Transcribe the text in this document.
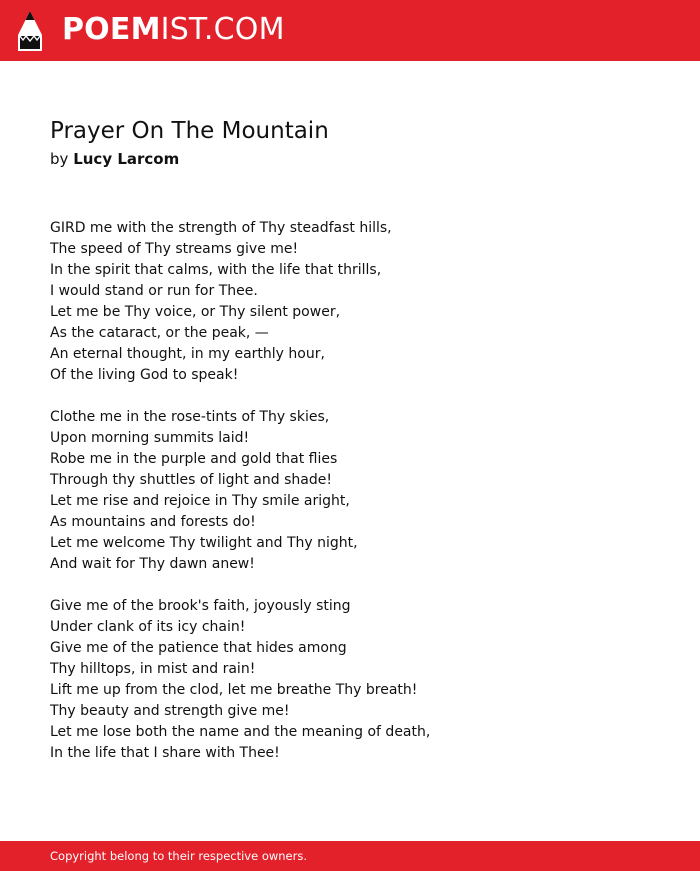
POEMIST.COM
Prayer On The Mountain
by Lucy Larcom
GIRD me with the strength of Thy steadfast hills,
The speed of Thy streams give me!
In the spirit that calms, with the life that thrills,
I would stand or run for Thee.
Let me be Thy voice, or Thy silent power,
As the cataract, or the peak, —
An eternal thought, in my earthly hour,
Of the living God to speak!
Clothe me in the rose-tints of Thy skies,
Upon morning summits laid!
Robe me in the purple and gold that flies
Through thy shuttles of light and shade!
Let me rise and rejoice in Thy smile aright,
As mountains and forests do!
Let me welcome Thy twilight and Thy night,
And wait for Thy dawn anew!
Give me of the brook's faith, joyously sting
Under clank of its icy chain!
Give me of the patience that hides among
Thy hilltops, in mist and rain!
Lift me up from the clod, let me breathe Thy breath!
Thy beauty and strength give me!
Let me lose both the name and the meaning of death,
In the life that I share with Thee!
Copyright belong to their respective owners.
